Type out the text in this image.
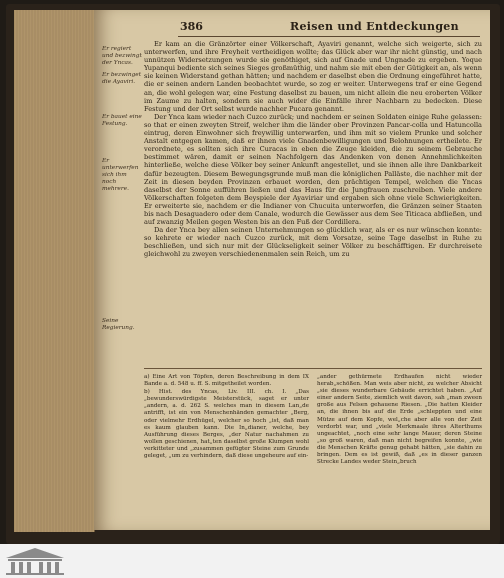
386	Reisen und Entdeckungen
Er regiert und bezwingt der Yncas.
Er bezwinget die Ayaviri.
Er bauet eine Festung.
Er unterwerfen sich ihm noch mehrere.
Seine Regierung.

Er kam an die Gränzörter einer Völkerschaft, Ayaviri genannt, welche sich weigerte, sich zu unterwerfen, und ihre Freyheit vertheidigen wollte; das Glück aber war ihr nicht günstig, und nach unnützen Widersetzungen wurde sie genöthiget, sich auf Gnade und Ungnade zu ergeben. Yoque Yupanqui bediente sich seines Sieges großmüthig, und nahm sie mit eben der Gütigkeit an, als wenn sie keinen Widerstand gethan hätten; und nachdem er daselbst eben die Ordnung eingeführet hatte, die er seinen andern Landen beobachtet wurde, so zog er weiter. Unterwegens traf er eine Gegend an, die wohl gelegen war, eine Festung daselbst zu bauen, um nicht allein die neu eroberten Völker im Zaume zu halten, sondern sie auch wider die Einfälle ihrer Nachbarn zu bedecken. Diese Festung und der Ort selbst wurde nachher Pucara genannt.

Der Ynca kam wieder nach Cuzco zurück; und nachdem er seinen Soldaten einige Ruhe gelassen: so that er einen zweyten Streif, welcher ihm die länder ober Provinzen Pancar-colla und Hatuncolla eintrug, deren Einwohner sich freywillig unterwarfen, und ihm mit so vielem Prunke und solcher Anstalt entgegen kamen, daß er ihnen viele Gnadenbewilligungen und Belohnungen ertheilete. Er verordnete, es sollten sich ihre Curacas in eben die Zeuge kleiden, die zu seinem Gebrauche bestimmet wären, damit er seinen Nachfolgern das Andenken von denen Annehmlichkeiten hinterließe, welche diese Völker bey seiner Ankunft angestellet, und sie ihnen alle ihre Dankbarkeit dafür bezeugten. Diesem Bewegungsgrunde muß man die königlichen Palläste, die nachher mit der Zeit in diesen beyden Provinzen erbauet worden, den prächtigen Tempel, welchen die Yncas daselbst der Sonne aufführen ließen und das Haus für die Jungfrauen zuschreiben. Viele andere Völkerschaften folgeten dem Beyspiele der Ayaviriar und ergaben sich ohne viele Schwierigkeiten. Er erweiterte sie, nachdem er die Indianer von Chucuita unterworfen, die Gränzen seiner Staaten bis nach Desaguadero oder dem Canale, wodurch die Gewässer aus dem See Titicaca abfließen, und auf zwanzig Meilen gegen Westen bis an den Fuß der Cordillera.

Da der Ynca bey allen seinen Unternehmungen so glücklich war, als er es nur wünschen konnte: so kehrete er wieder nach Cuzco zurück, mit dem Vorsatze, seine Tage daselbst in Ruhe zu beschließen, und sich nur mit der Glückseligkeit seiner Völker zu beschäfftigen. Er durchreisete gleichwohl zu zweyen verschiedenenmalen sein Reich, um zu

a) Eine Art von Töpfen, deren Beschreibung in dem IX Bande a. d. 548 u. ff. S. mitgetheilet worden.

b) Hist. des Yncas, Liv. III. ch. I. „Das „bewunderswürdigste Meisterstück, saget er unter „andern, a. d. 262 S. welches man in diesem Lan„de antrifft, ist ein von Menschenhänden gemachter „Berg, oder vielmehr Erdhügel, welcher so hoch „ist, daß man es kaum glauben kann. Die In„dianer, welche, bey Ausführung dieses Berges, „der Natur nachahmen zu wollen geschienen, hat„ten daselbst große Klumpen wohl verkitteter und „zusammen gefügter Steine zum Grunde geleget, „um zu verhindern, daß diese ungeheure auf ein-

„ander gethürmete Erdhaufen nicht wieder herab„schößen. Man weis aber nicht, zu welcher Absicht „sie dieses wunderbare Gebäude errichtet haben. „Auf einer andern Seite, ziemlich weit davon, sah „man zween große aus Felsen gehauene Riesen. „Die hatten Kleider an, die ihnen bis auf die Erde „schleppten und eine Mütze auf dem Kopfe, wel„che aber alle von der Zeit verdorbt war, und „viele Merkmaale ihres Alterthums ungeachtet, „noch eine sehr lange Mauer, deren Steine „so groß waren, daß man nicht begreifen konnte, „wie die Menschen Kräfte genug gehabt hätten, „sie dahin zu bringen. Dem es ist gewiß, daß „es in dieser ganzen Strecke Landes weder Stein„bruch
